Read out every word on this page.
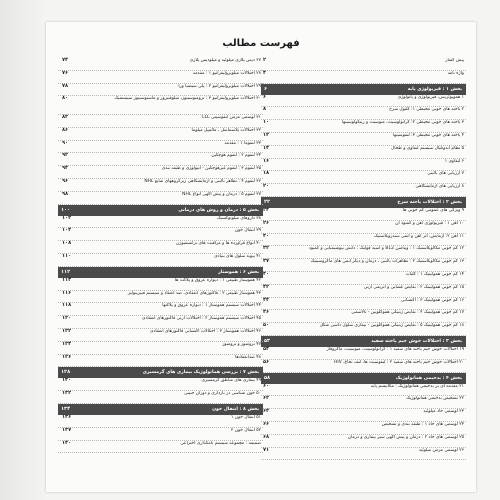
فهرست مطالب
پیش گفتار
۲
واژه نامه
۴
بخش ۱ : فیزیولوژی پایه
۶
۱ هموپوئزیس، فیزیولوژی و پاتولوژی
۶
۲ یاخته های خونی محیطی ۱: گلبول سرخ
۸
۳ یاخته های خونی محیطی ۲: گرانولوسیت، منوسیت و ریتکولوسیتها
۱۰
۴ یاخته های خونی محیطی ۳: لنفوسیتها
۱۲
۵ نظام اندوتلیال سیستم لنفاوی و طحال
۱۴
۶ لنفاوی ۱
۱۶
۷ ارزیابی های بالینی
۱۸
۸ ارزیابی های آزمایشگاهی
۲۰
بخش ۲ : اختلالات یاخته سرخ
۲۲
۹ ویژگی های عمومی کم خونی ها
۲۴
۱۰ آهن ۱ : فیزیولوژی آهن و کمبود آن
۲۶
۱۱ آهن ۲: آزمایش، اثر آهن و آنمی سیدروبلاستیک
۳۰
۱۲ کم خونی مگالوبلاستیک ۱ : ویتامین B12 و اسید فولیک : دانش بیوشیمیایی و کمبود
۳۲
۱۳ کم خونی مگالوبلاستیک ۲ : تظاهرات بالینی ، درمان و دیگر آنمی های ماکروسیتیک
۳۷
۱۴ کم خونی همولیتیک ۱ : کلیات
۴۰
۱۵ کم خونی همولیتیک ۲ : نقایص غشایی و آنزیمی ارثی
۴۲
۱۶ کم خونی همولیتیک ۳ : اکتسابی
۴۴
۱۷ کم خونی همولیتیک ۴ : نقایص ژنتیکی هموگلوبین - تالاسمی
۴۶
۱۸ کم خونی همولیتیک ۵ : نقایص ژنتیکی هموگلوبین - بیماری سلول داسی شکل
۵۰
بخش ۳ : اختلالات خوش خیم یاخته سفید
۵۳
۱۹ اختلالات خوش خیم یاخته های سفید ۱ : گرانولوسیت، منوسیت، ماکروفاژ
۵۴
۲۰ اختلالات خوش خیم یاخته های سفید ۲ : لنفوسیت ها، لنف نخاغ، HIV
۵۶
بخش ۴ : بدخیمی هماتولوژیک
۵۸
۲۱ مقدمه ای بر بدخیمی هماتولوژیک : مکانیسم پایه
۶۰
۲۲ تشخیص بدخیمی هماتولوژیک
۶۲
۲۳ لوسمی حاد میلوئید
۶۴
۲۴ لوسمی های حاد ۱ : طبقه بندی و تشخیص
۶۶
۲۵ لوسمی های حاد ۲ : درمان و پیش آگهی سیر بیماری و درمان
۶۸
۲۶ لوسمی مزمن میلوئید
۷۱
۲۷ دیس پلازی میلوئید و میلودیس پلازی
۷۴
۲۸ اختلالات میلوپرولیفراتیو ۱ : مقدمه
۷۶
۲۹ اختلالات میلوپرولیفراتیو ۲ : پلی سیتمیا ورا
۷۸
۳۰ اختلالات میلوپرولیفراتیو ۳ : ترومبوسیتوز، میلوفیبروز و ماستوسیتوز سیستمیک
۸۰
۳۱ لوسمی مزمن لنفوسیتی CLL
۸۲
۳۲ اختلالات پلاسماسل ، مالتیپل میلوما
۸۶
۳۳ لنفوما ۱ : مقدمه
۹۰
۳۴ لنفوم ۲ : لنفوم هوچکین
۹۲
۳۵ لنفوم ۳ : لنفوم غیرهوچکین - اتیولوژی و طبقه بندی
۹۴
۳۶ لنفوم ۴ : تظاهر بالینی و آزمایشگاهی زیرگروههای شایع NHL
۹۶
۳۷ لنفوم ۵ : درمان و پیش آگهی انواع NHL
۹۸
بخش ۵ : درمان و روش های درمانی
۱۰۰
۳۸ داروهای میلوتوکسیک
۱۰۲
۳۹ انتقال خون
۱۰۴
۴۰ انواع فرآورده ها و مراقبت های ترانسفیوژن
۱۰۸
۴۱ پیوند سلول های بنیادی
۱۱۰
بخش ۶ : هموستاز
۱۱۲
۴۲ هموستاز طبیعی ۱ : دیواره عروق و پلاکت ها
۱۱۴
۴۳ هموستاز طبیعی ۲ : فاکتورهای انعقادی، ضد انعقاد و سیستم فیبرینولیز
۱۱۶
۴۴ اختلالات سیستم هموستاز ۱ : دیواره عروق و پلاکتها
۱۱۸
۴۵ اختلالات سیستم هموستاز ۲ : اختلالات ارثی فاکتورهای انعقادی
۱۲۰
۴۶ اختلالات هموستاز ۳ : اختلالات اکتسابی فاکتورهای انعقادی
۱۲۲
۴۷ ترومبوز و ترومبوز
۱۲۴
۴۸ ضدانعقادها
۱۲۶
بخش ۷ : بررسی هماتولوژیک بیماری های گرمسیری
۱۲۸
۴۹ بیماری های مناطق گرمسیری
۱۳۰
۵۰ خون شناسی در بارداری و دوران جنینی
۱۳۲
بخش ۸ : انتقال خون
۱۳۴
۵۱ انتقال خون ۱
۱۳۶
۵۲ انتقال خون ۲
۱۳۷
ضمیمه : مجموعه سیستم نامگذاری اختراعی
۱۴۰
